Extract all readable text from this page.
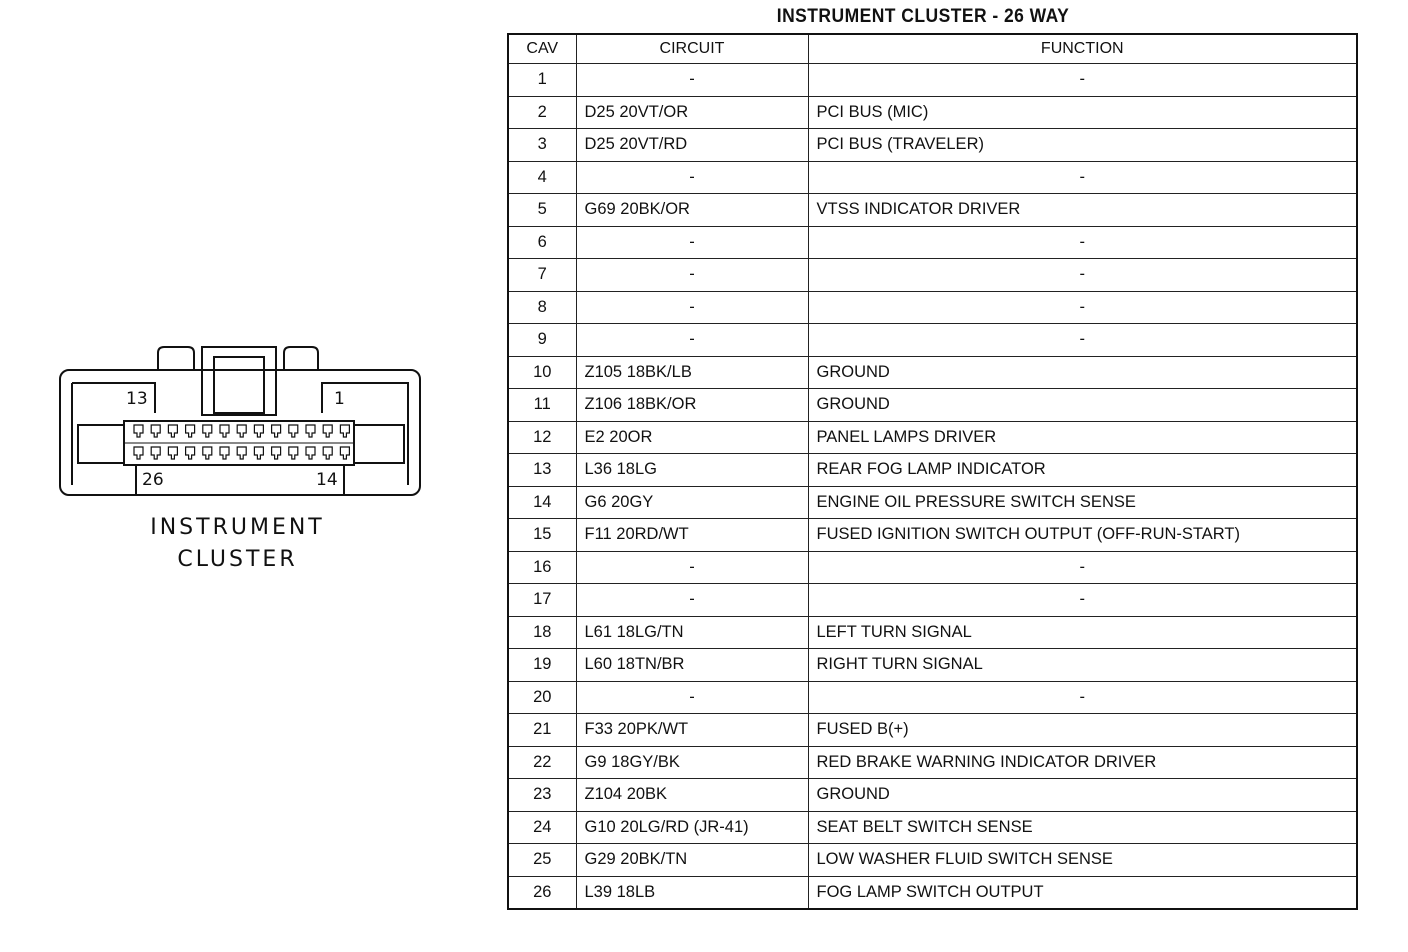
13	1
26	14
INSTRUMENT
CLUSTER
INSTRUMENT CLUSTER - 26 WAY
CAV	CIRCUIT	FUNCTION
1	-	-
2	D25 20VT/OR	PCI BUS (MIC)
3	D25 20VT/RD	PCI BUS (TRAVELER)
4	-	-
5	G69 20BK/OR	VTSS INDICATOR DRIVER
6	-	-
7	-	-
8	-	-
9	-	-
10	Z105 18BK/LB	GROUND
11	Z106 18BK/OR	GROUND
12	E2 20OR	PANEL LAMPS DRIVER
13	L36 18LG	REAR FOG LAMP INDICATOR
14	G6 20GY	ENGINE OIL PRESSURE SWITCH SENSE
15	F11 20RD/WT	FUSED IGNITION SWITCH OUTPUT (OFF-RUN-START)
16	-	-
17	-	-
18	L61 18LG/TN	LEFT TURN SIGNAL
19	L60 18TN/BR	RIGHT TURN SIGNAL
20	-	-
21	F33 20PK/WT	FUSED B(+)
22	G9 18GY/BK	RED BRAKE WARNING INDICATOR DRIVER
23	Z104 20BK	GROUND
24	G10 20LG/RD (JR-41)	SEAT BELT SWITCH SENSE
25	G29 20BK/TN	LOW WASHER FLUID SWITCH SENSE
26	L39 18LB	FOG LAMP SWITCH OUTPUT
